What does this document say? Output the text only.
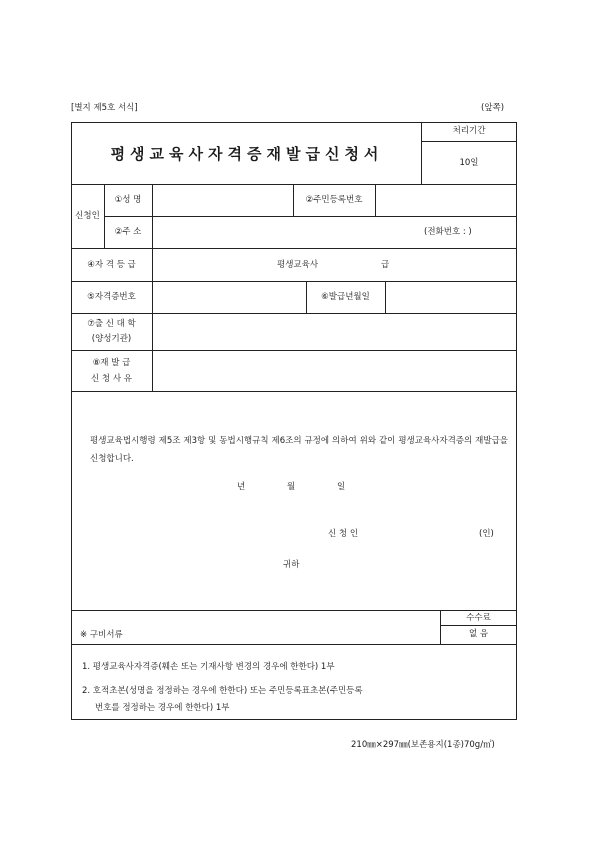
[별지 제5호 서식]	(앞쪽)
평생교육사자격증재발급신청서
처리기간
10일
신청인
①성 명	②주민등록번호
②주 소	(전화번호 : )
④자 격 등 급	평생교육사	급
⑤자격증번호	⑥발급년월일
⑦출 신 대 학
(양성기관)
⑧재 발 급
신 청 사 유
평생교육법시행령 제5조 제3항 및 동법시행규칙 제6조의 규정에 의하여 위와 같이 평생교육사자격증의 재발급을 신청합니다.
년	월	일
신 청 인	(인)
귀하
※ 구비서류
수수료
없 음
1. 평생교육사자격증(훼손 또는 기재사항 변경의 경우에 한한다) 1부
2. 호적초본(성명을 정정하는 경우에 한한다) 또는 주민등록표초본(주민등록
번호를 정정하는 경우에 한한다) 1부
210㎜×297㎜(보존용지(1종)70g/㎡)
